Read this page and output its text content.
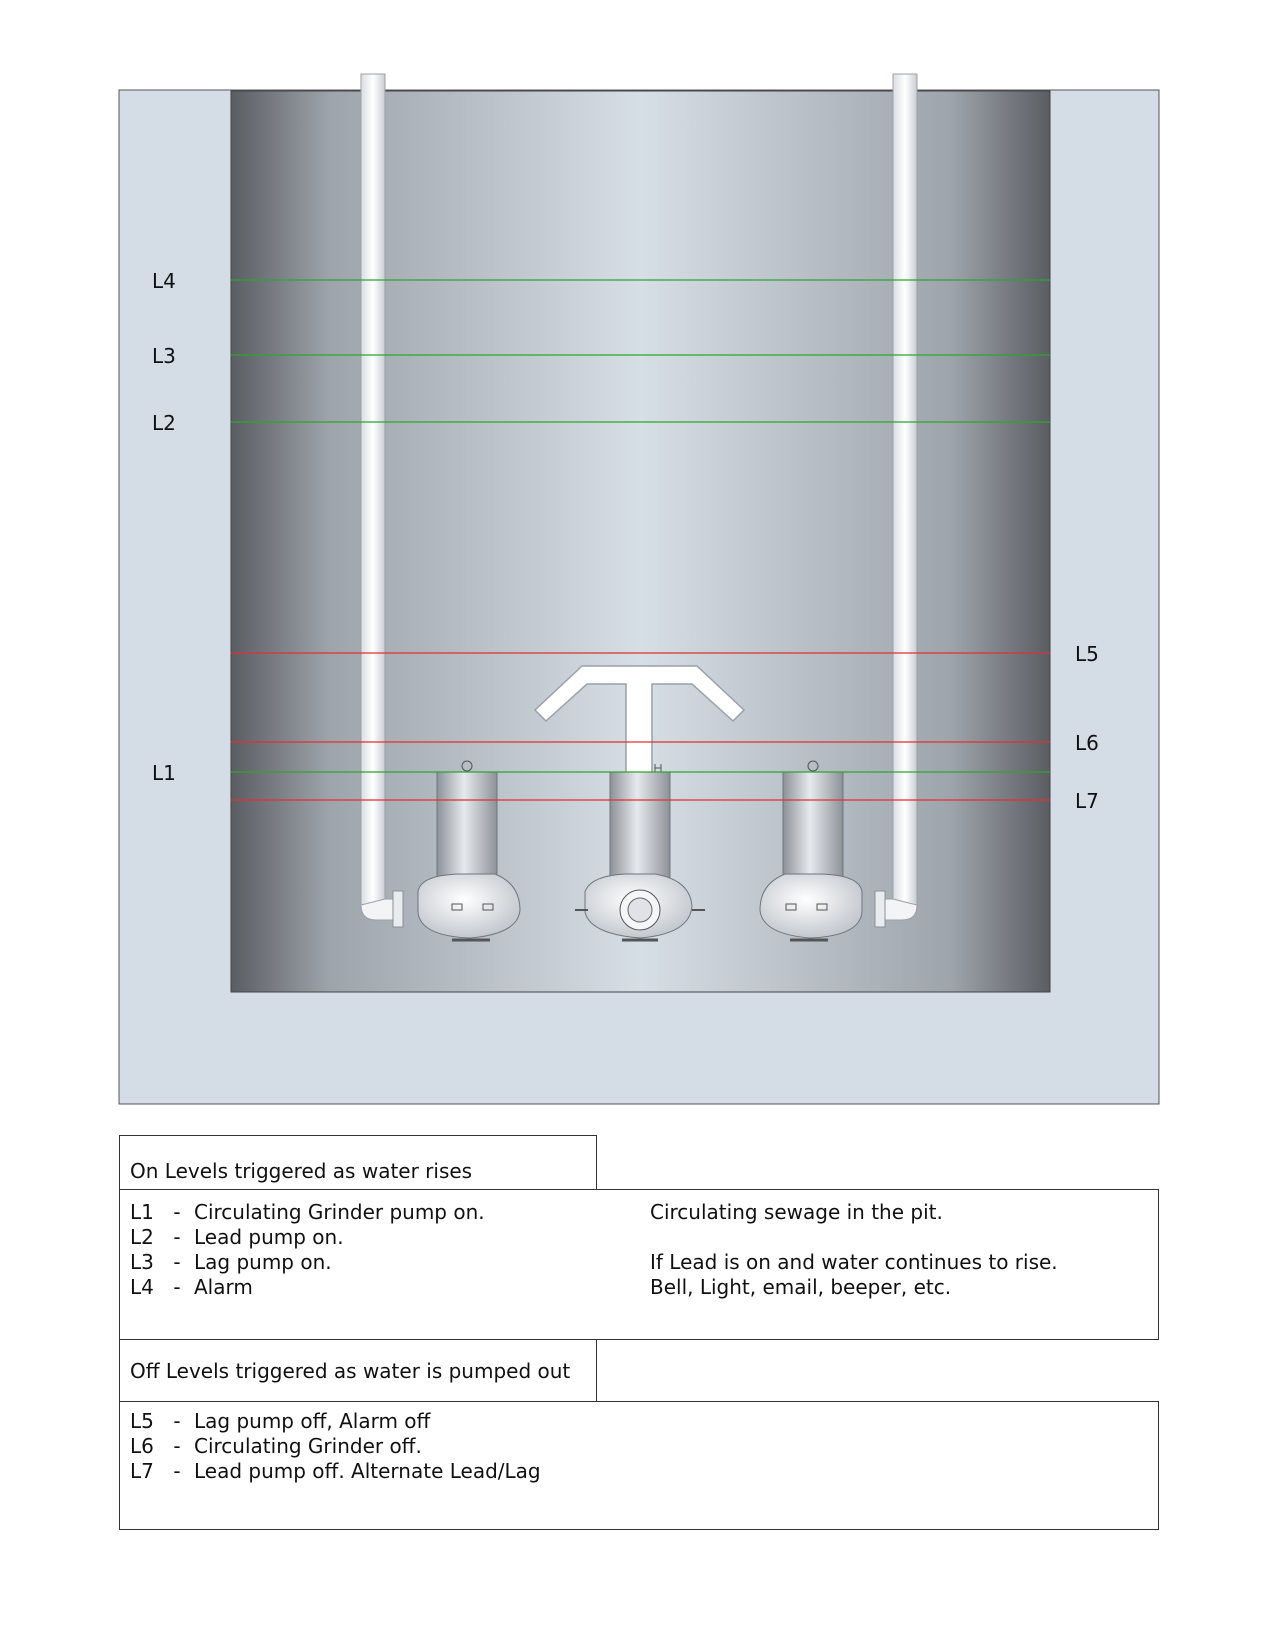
L4
L3
L2
L5
L6
L1
L7
On Levels triggered as water rises
L1 - Circulating Grinder pump on.	Circulating sewage in the pit.
L2 - Lead pump on.
L3 - Lag pump on.	If Lead is on and water continues to rise.
L4 - Alarm	Bell, Light, email, beeper, etc.
Off Levels triggered as water is pumped out
L5 - Lag pump off, Alarm off
L6 - Circulating Grinder off.
L7 - Lead pump off. Alternate Lead/Lag
